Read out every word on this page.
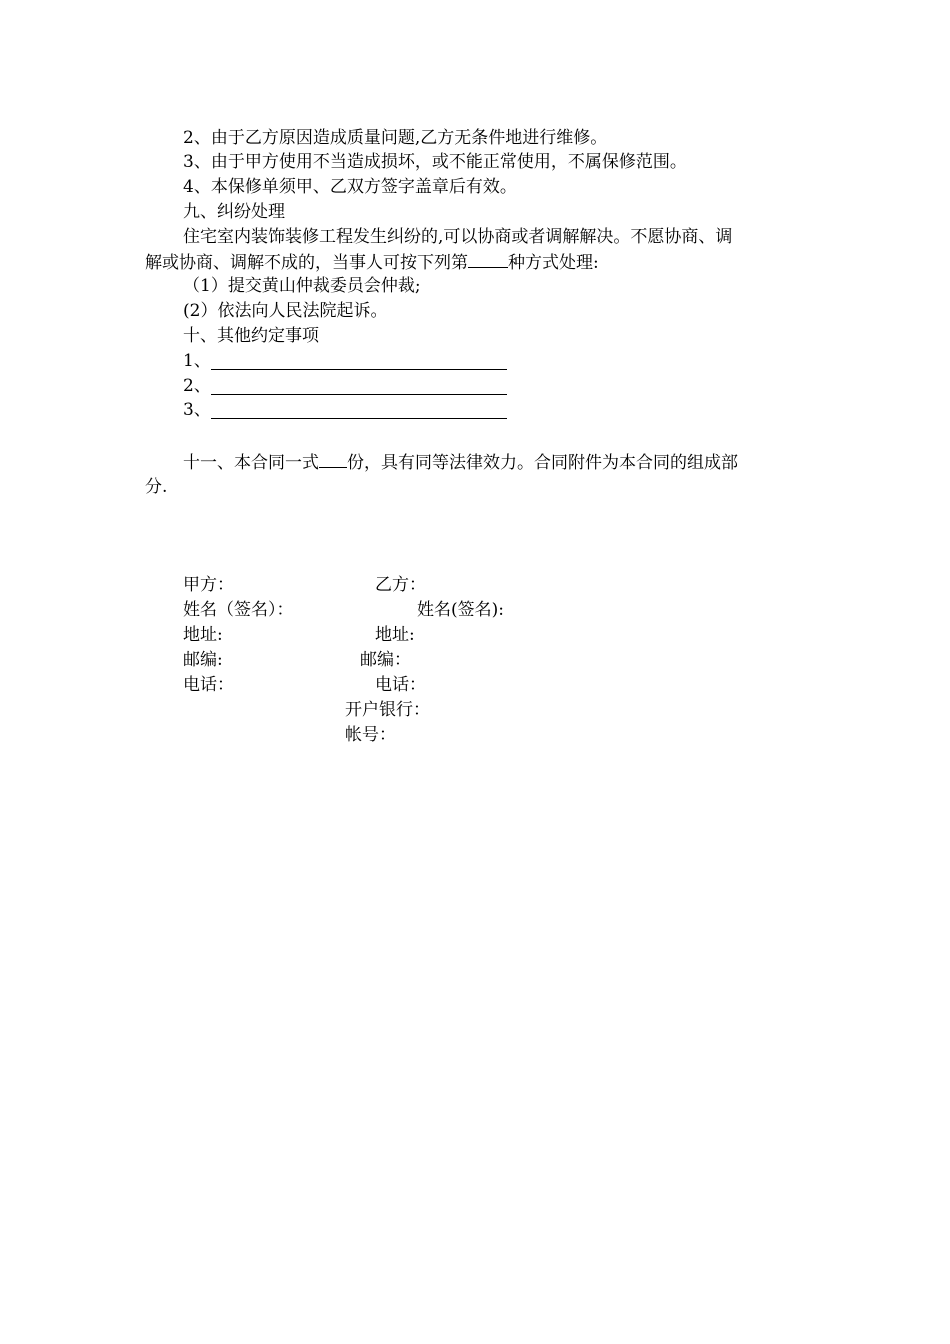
2、由于乙方原因造成质量问题,乙方无条件地进行维修。
3、由于甲方使用不当造成损坏，或不能正常使用，不属保修范围。
4、本保修单须甲、乙双方签字盖章后有效。
九、纠纷处理
住宅室内装饰装修工程发生纠纷的,可以协商或者调解解决。不愿协商、调
解或协商、调解不成的，当事人可按下列第 种方式处理:
（1）提交黄山仲裁委员会仲裁;
(2）依法向人民法院起诉。
十、其他约定事项
1、
2、
3、
十一、本合同一式 份，具有同等法律效力。合同附件为本合同的组成部
分.
甲方：
姓名（签名）：
地址:
邮编:
电话：
乙方：
姓名(签名):
地址:
邮编：
电话：
开户银行：
帐号：
